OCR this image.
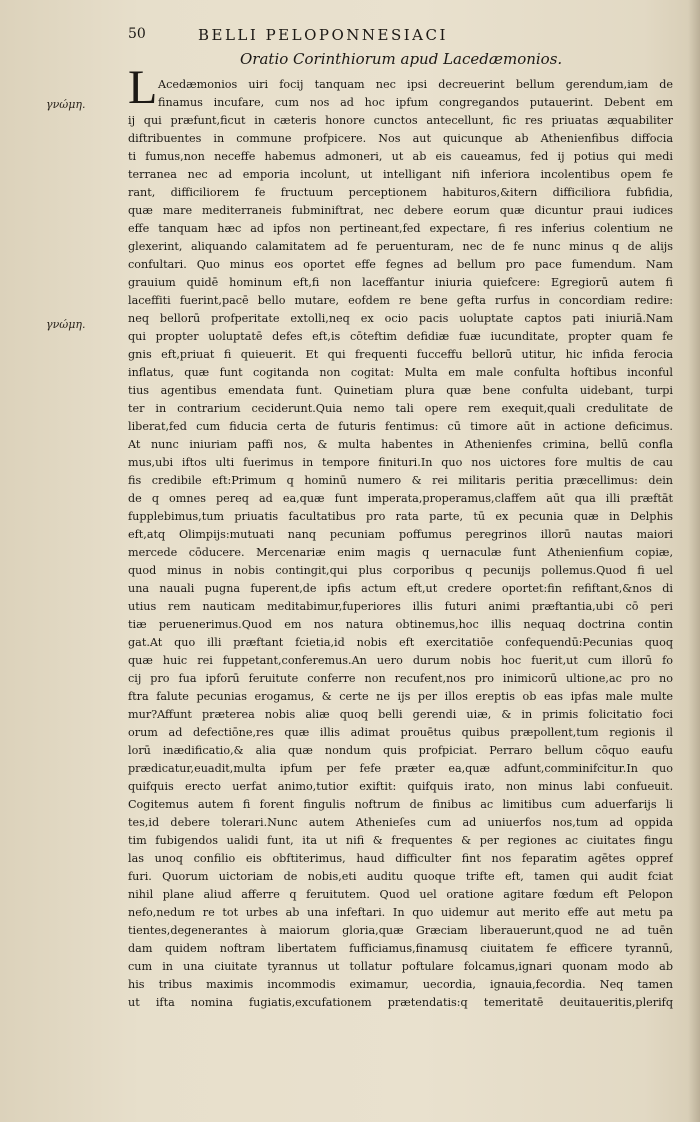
50	BELLI PELOPONNESIACI
Oratio Corinthiorum apud Lacedæmonios.
γνώμη.
γνώμη.
L Acedæmonios uiri focij tanquam nec ipsi decreuerint bellum gerendum,iam de
finamus incufare, cum nos ad hoc ipfum congregandos putauerint. Debent em
ij qui præfunt,ficut in cæteris honore cunctos antecellunt, fic res priuatas æquabiliter
diftribuentes in commune profpicere. Nos aut quicunque ab Athenienfibus diffocia
ti fumus,non neceffe habemus admoneri, ut ab eis caueamus, fed ij potius qui medi
terranea nec ad emporia incolunt, ut intelligant nifi inferiora incolentibus opem fe
rant, difficiliorem fe fructuum perceptionem habituros,&itern difficiliora fubfidia,
quæ mare mediterraneis fubminiftrat, nec debere eorum quæ dicuntur praui iudices
effe tanquam hæc ad ipfos non pertineant,fed expectare, fi res inferius colentium ne
glexerint, aliquando calamitatem ad fe peruenturam, nec de fe nunc minus q de alijs
confultari. Quo minus eos oportet effe fegnes ad bellum pro pace fumendum. Nam
grauium quidē hominum eft,fi non laceffantur iniuria quiefcere: Egregiorū autem fi
laceffiti fuerint,pacē bello mutare, eofdem re bene gefta rurfus in concordiam redire:
neq bellorū profperitate extolli,neq ex ocio pacis uoluptate captos pati iniuriā.Nam
qui propter uoluptatē defes eft,is cōteftim defidiæ fuæ iucunditate, propter quam fe
gnis eft,priuat fi quieuerit. Et qui frequenti fucceffu bellorū utitur, hic infida ferocia
inflatus, quæ funt cogitanda non cogitat: Multa em male confulta hoftibus inconful
tius agentibus emendata funt. Quinetiam plura quæ bene confulta uidebant, turpi
ter in contrarium ceciderunt.Quia nemo tali opere rem exequit,quali credulitate de
liberat,fed cum fiducia certa de futuris fentimus: cū timore aūt in actione deficimus.
At nunc iniuriam paffi nos, & multa habentes in Athenienfes crimina, bellū confla
mus,ubi iftos ulti fuerimus in tempore finituri.In quo nos uictores fore multis de cau
fis credibile eft:Primum q hominū numero & rei militaris peritia præcellimus: dein
de q omnes pereq ad ea,quæ funt imperata,properamus,claffem aūt qua illi præftāt
fupplebimus,tum priuatis facultatibus pro rata parte, tū ex pecunia quæ in Delphis
eft,atq Olimpijs:mutuati nanq pecuniam poffumus peregrinos illorū nautas maiori
mercede cōducere. Mercenariæ enim magis q uernaculæ funt Athenienfium copiæ,
quod minus in nobis contingit,qui plus corporibus q pecunijs pollemus.Quod fi uel
una nauali pugna fuperent,de ipfis actum eft,ut credere oportet:fin refiftant,&nos di
utius rem nauticam meditabimur,fuperiores illis futuri animi præftantia,ubi cō peri
tiæ peruenerimus.Quod em nos natura obtinemus,hoc illis nequaq doctrina contin
gat.At quo illi præftant fcietia,id nobis eft exercitatiōe confequendū:Pecunias quoq
quæ huic rei fuppetant,conferemus.An uero durum nobis hoc fuerit,ut cum illorū fo
cij pro fua ipforū feruitute conferre non recufent,nos pro inimicorū ultione,ac pro no
ftra falute pecunias erogamus, & certe ne ijs per illos ereptis ob eas ipfas male multe
mur?Affunt præterea nobis aliæ quoq belli gerendi uiæ, & in primis folicitatio foci
orum ad defectiōne,res quæ illis adimat prouētus quibus præpollent,tum regionis il
lorū inædificatio,& alia quæ nondum quis profpiciat. Perraro bellum cōquo eaufu
prædicatur,euadit,multa ipfum per fefe præter ea,quæ adfunt,comminifcitur.In quo
quifquis erecto uerfat animo,tutior exiftit: quifquis irato, non minus labi confueuit.
Cogitemus autem fi forent fingulis noftrum de finibus ac limitibus cum aduerfarijs li
tes,id debere tolerari.Nunc autem Athenieſes cum ad uniuerfos nos,tum ad oppida
tim fubigendos ualidi funt, ita ut nifi & frequentes & per regiones ac ciuitates fingu
las unoq confilio eis obftiterimus, haud difficulter fint nos feparatim agētes oppref
furi. Quorum uictoriam de nobis,eti auditu quoque trifte eft, tamen qui audit fciat
nihil plane aliud afferre q feruitutem. Quod uel oratione agitare fœdum eft Pelopon
nefo,nedum re tot urbes ab una infeftari. In quo uidemur aut merito effe aut metu pa
tientes,degenerantes à maiorum gloria,quæ Græciam liberauerunt,quod ne ad tuēn
dam quidem noftram libertatem fufficiamus,finamusq ciuitatem fe efficere tyrannū,
cum in una ciuitate tyrannus ut tollatur poftulare folcamus,ignari quonam modo ab
his tribus maximis incommodis eximamur, uecordia, ignauia,fecordia. Neq tamen
ut ifta nomina fugiatis,excufationem prætendatis:q temeritatē deuitaueritis,plerifq
